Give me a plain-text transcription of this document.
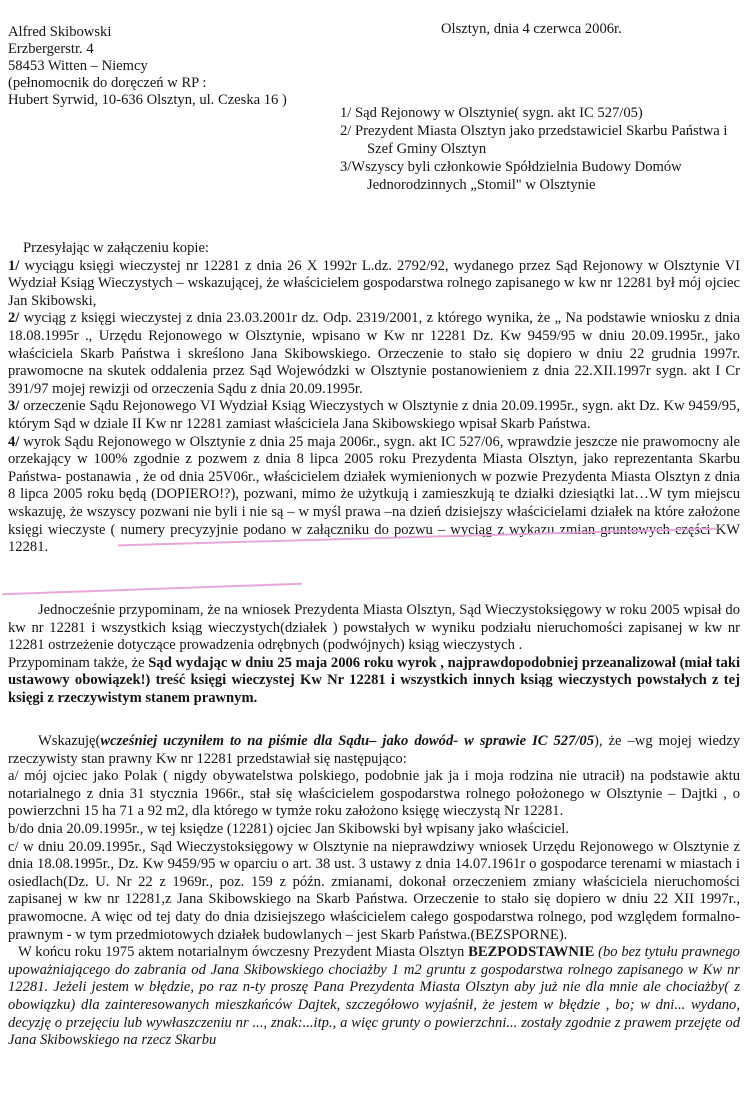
Olsztyn, dnia 4 czerwca 2006r.
Alfred Skibowski
Erzbergerstr. 4
58453 Witten – Niemcy
(pełnomocnik do doręczeń w RP :
Hubert Syrwid, 10-636 Olsztyn, ul. Czeska 16 )
1/ Sąd Rejonowy w Olsztynie( sygn. akt IC 527/05)
2/ Prezydent Miasta Olsztyn jako przedstawiciel Skarbu Państwa i Szef Gminy Olsztyn
3/Wszyscy byli członkowie Spółdzielnia Budowy Domów Jednorodzinnych „Stomil" w Olsztynie
Przesyłając w załączeniu kopie:
1/ wyciągu księgi wieczystej nr 12281 z dnia 26 X 1992r L.dz. 2792/92, wydanego przez Sąd Rejonowy w Olsztynie VI Wydział Ksiąg Wieczystych – wskazującej, że właścicielem gospodarstwa rolnego zapisanego w kw nr 12281 był mój ojciec Jan Skibowski,
2/ wyciąg z księgi wieczystej z dnia 23.03.2001r dz. Odp. 2319/2001, z którego wynika, że „ Na podstawie wniosku z dnia 18.08.1995r ., Urzędu Rejonowego w Olsztynie, wpisano w Kw nr 12281 Dz. Kw 9459/95 w dniu 20.09.1995r., jako właściciela Skarb Państwa i skreślono Jana Skibowskiego. Orzeczenie to stało się dopiero w dniu 22 grudnia 1997r. prawomocne na skutek oddalenia przez Sąd Wojewódzki w Olsztynie postanowieniem z dnia 22.XII.1997r sygn. akt I Cr 391/97 mojej rewizji od orzeczenia Sądu z dnia 20.09.1995r.
3/ orzeczenie Sądu Rejonowego VI Wydział Ksiąg Wieczystych w Olsztynie z dnia 20.09.1995r., sygn. akt Dz. Kw 9459/95, którym Sąd w dziale II Kw nr 12281 zamiast właściciela Jana Skibowskiego wpisał Skarb Państwa.
4/ wyrok Sądu Rejonowego w Olsztynie z dnia 25 maja 2006r., sygn. akt IC 527/06, wprawdzie jeszcze nie prawomocny ale orzekający w 100% zgodnie z pozwem z dnia 8 lipca 2005 roku Prezydenta Miasta Olsztyn, jako reprezentanta Skarbu Państwa- postanawia , że od dnia 25V06r., właścicielem działek wymienionych w pozwie Prezydenta Miasta Olsztyn z dnia 8 lipca 2005 roku będą (DOPIERO!?), pozwani, mimo że użytkują i zamieszkują te działki dziesiątki lat…W tym miejscu wskazuję, że wszyscy pozwani nie byli i nie są – w myśl prawa –na dzień dzisiejszy właścicielami działek na które założone księgi wieczyste ( numery precyzyjnie podano w załączniku do pozwu – wyciąg z wykazu zmian gruntowych części KW 12281.
Jednocześnie przypominam, że na wniosek Prezydenta Miasta Olsztyn, Sąd Wieczystoksięgowy w roku 2005 wpisał do kw nr 12281 i wszystkich ksiąg wieczystych(działek ) powstałych w wyniku podziału nieruchomości zapisanej w kw nr 12281 ostrzeżenie dotyczące prowadzenia odrębnych (podwójnych) ksiąg wieczystych .
Przypominam także, że Sąd wydając w dniu 25 maja 2006 roku wyrok , najprawdopodobniej przeanalizował (miał taki ustawowy obowiązek!) treść księgi wieczystej Kw Nr 12281 i wszystkich innych ksiąg wieczystych powstałych z tej księgi z rzeczywistym stanem prawnym.
Wskazuję(wcześniej uczyniłem to na piśmie dla Sądu– jako dowód- w sprawie IC 527/05), że –wg mojej wiedzy rzeczywisty stan prawny Kw nr 12281 przedstawiał się następująco:
a/ mój ojciec jako Polak ( nigdy obywatelstwa polskiego, podobnie jak ja i moja rodzina nie utracił) na podstawie aktu notarialnego z dnia 31 stycznia 1966r., stał się właścicielem gospodarstwa rolnego położonego w Olsztynie – Dajtki , o powierzchni 15 ha 71 a 92 m2, dla którego w tymże roku założono księgę wieczystą Nr 12281.
b/do dnia 20.09.1995r., w tej księdze (12281) ojciec Jan Skibowski był wpisany jako właściciel.
c/ w dniu 20.09.1995r., Sąd Wieczystoksięgowy w Olsztynie na nieprawdziwy wniosek Urzędu Rejonowego w Olsztynie z dnia 18.08.1995r., Dz. Kw 9459/95 w oparciu o art. 38 ust. 3 ustawy z dnia 14.07.1961r o gospodarce terenami w miastach i osiedlach(Dz. U. Nr 22 z 1969r., poz. 159 z późn. zmianami, dokonał orzeczeniem zmiany właściciela nieruchomości zapisanej w kw nr 12281,z Jana Skibowskiego na Skarb Państwa. Orzeczenie to stało się dopiero w dniu 22 XII 1997r., prawomocne. A więc od tej daty do dnia dzisiejszego właścicielem całego gospodarstwa rolnego, pod względem formalno-prawnym - w tym przedmiotowych działek budowlanych – jest Skarb Państwa.(BEZSPORNE).
W końcu roku 1975 aktem notarialnym ówczesny Prezydent Miasta Olsztyn BEZPODSTAWNIE (bo bez tytułu prawnego upoważniającego do zabrania od Jana Skibowskiego chociażby 1 m2 gruntu z gospodarstwa rolnego zapisanego w Kw nr 12281. Jeżeli jestem w błędzie, po raz n-ty proszę Pana Prezydenta Miasta Olsztyn aby już nie dla mnie ale chociażby( z obowiązku) dla zainteresowanych mieszkańców Dajtek, szczegółowo wyjaśnił, że jestem w błędzie , bo; w dni... wydano, decyzję o przejęciu lub wywłaszczeniu nr ..., znak:...itp., a więc grunty o powierzchni... zostały zgodnie z prawem przejęte od Jana Skibowskiego na rzecz Skarbu
